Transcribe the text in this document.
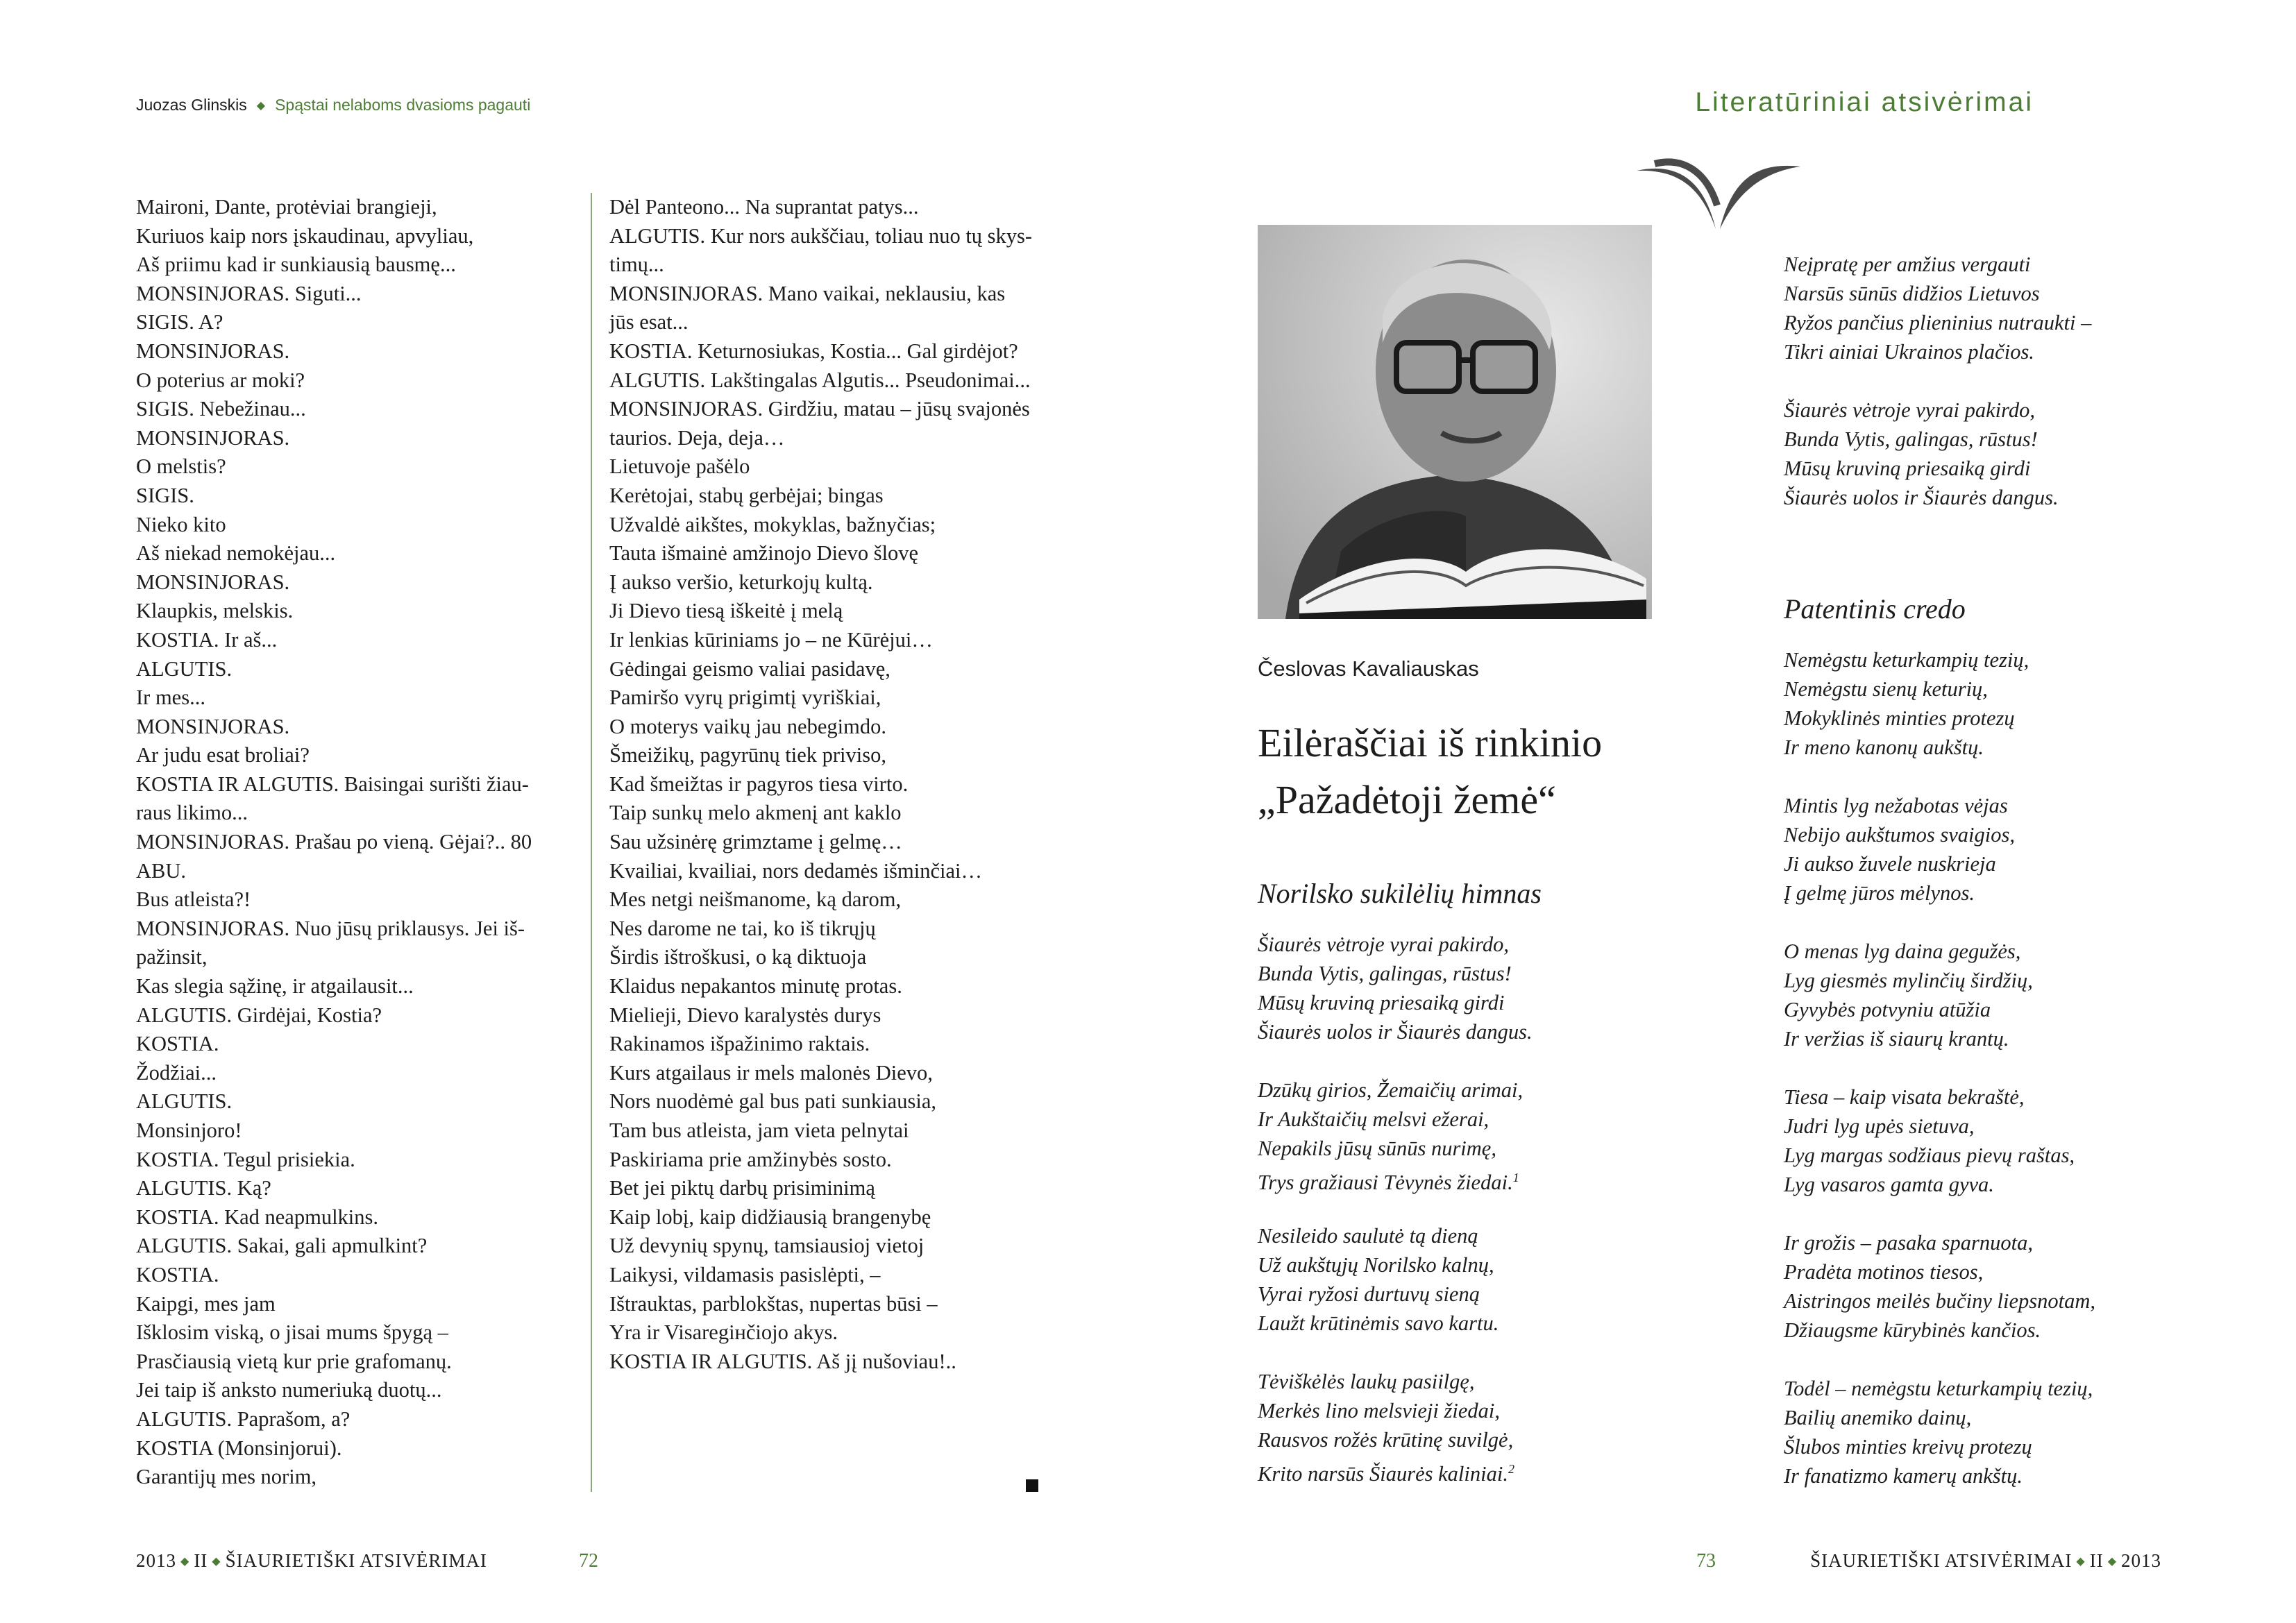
Juozas Glinskis ◆ Spąstai nelaboms dvasioms pagauti
Maironi, Dante, protėviai brangieji,
Kuriuos kaip nors įskaudinau, apvyliau,
Aš priimu kad ir sunkiausią bausmę...
MONSINJORAS. Siguti...
SIGIS. A?
MONSINJORAS.
O poterius ar moki?
SIGIS. Nebežinau...
MONSINJORAS.
O melstis?
SIGIS.
Nieko kito
Aš niekad nemokėjau...
MONSINJORAS.
Klaupkis, melskis.
KOSTIA. Ir aš...
ALGUTIS.
Ir mes...
MONSINJORAS.
Ar judu esat broliai?
KOSTIA IR ALGUTIS. Baisingai surišti žiau-
raus likimo...
MONSINJORAS. Prašau po vieną. Gėjai?.. 80
ABU.
Bus atleista?!
MONSINJORAS. Nuo jūsų priklausys. Jei iš-
pažinsit,
Kas slegia sąžinę, ir atgailausit...
ALGUTIS. Girdėjai, Kostia?
KOSTIA.
Žodžiai...
ALGUTIS.
Monsinjoro!
KOSTIA. Tegul prisiekia.
ALGUTIS. Ką?
KOSTIA. Kad neapmulkins.
ALGUTIS. Sakai, gali apmulkint?
KOSTIA.
Kaipgi, mes jam
Išklosim viską, o jisai mums špygą –
Prasčiausią vietą kur prie grafomanų.
Jei taip iš anksto numeriuką duotų...
ALGUTIS. Paprašom, a?
KOSTIA (Monsinjorui).
Garantijų mes norim,
Dėl Panteono... Na suprantat patys...
ALGUTIS. Kur nors aukščiau, toliau nuo tų skys-
timų...
MONSINJORAS. Mano vaikai, neklausiu, kas
jūs esat...
KOSTIA. Keturnosiukas, Kostia... Gal girdėjot?
ALGUTIS. Lakštingalas Algutis... Pseudonimai...
MONSINJORAS. Girdžiu, matau – jūsų svajonės
taurios. Deja, deja…
Lietuvoje pašėlo
Kerėtojai, stabų gerbėjai; bingas
Užvaldė aikštes, mokyklas, bažnyčias;
Tauta išmainė amžinojo Dievo šlovę
Į aukso veršio, keturkojų kultą.
Ji Dievo tiesą iškeitė į melą
Ir lenkias kūriniams jo – ne Kūrėjui…
Gėdingai geismo valiai pasidavę,
Pamiršo vyrų prigimtį vyriškiai,
O moterys vaikų jau nebegimdo.
Šmeižikų, pagyrūnų tiek priviso,
Kad šmeižtas ir pagyros tiesa virto.
Taip sunkų melo akmenį ant kaklo
Sau užsinėrę grimztame į gelmę…
Kvailiai, kvailiai, nors dedamės išminčiai…
Mes netgi neišmanome, ką darom,
Nes darome ne tai, ko iš tikrųjų
Širdis ištroškusi, o ką diktuoja
Klaidus nepakantos minutę protas.
Mielieji, Dievo karalystės durys
Rakinamos išpažinimo raktais.
Kurs atgailaus ir mels malonės Dievo,
Nors nuodėmė gal bus pati sunkiausia,
Tam bus atleista, jam vieta pelnytai
Paskiriama prie amžinybės sosto.
Bet jei piktų darbų prisiminimą
Kaip lobį, kaip didžiausią brangenybę
Už devynių spynų, tamsiausioj vietoj
Laikysi, vildamasis pasislėpti, –
Ištrauktas, parblokštas, nupertas būsi –
Yra ir Visaregінčiojo akys.
KOSTIA IR ALGUTIS. Aš jį nušoviau!..
2013 ◆ II ◆ ŠIAURIETIŠKI ATSIVĖRIMAI	72
Literatūriniai atsivėrimai
Česlovas Kavaliauskas
Eilėraščiai iš rinkinio
„Pažadėtoji žemė“
Norilsko sukilėlių himnas
Šiaurės vėtroje vyrai pakirdo,
Bunda Vytis, galingas, rūstus!
Mūsų kruviną priesaiką girdi
Šiaurės uolos ir Šiaurės dangus.
Dzūkų girios, Žemaičių arimai,
Ir Aukštaičių melsvi ežerai,
Nepakils jūsų sūnūs nurimę,
Trys gražiausi Tėvynės žiedai.$^1$
Nesileido saulutė tą dieną
Už aukštųjų Norilsko kalnų,
Vyrai ryžosi durtuvų sieną
Laužt krūtinėmis savo kartu.
Tėviškėlės laukų pasiilgę,
Merkės lino melsvieji žiedai,
Rausvos rožės krūtinę suvilgė,
Krito narsūs Šiaurės kaliniai.$^2$
Neįpratę per amžius vergauti
Narsūs sūnūs didžios Lietuvos
Ryžos pančius plieninius nutraukti –
Tikri ainiai Ukrainos plačios.
Šiaurės vėtroje vyrai pakirdo,
Bunda Vytis, galingas, rūstus!
Mūsų kruviną priesaiką girdi
Šiaurės uolos ir Šiaurės dangus.
Patentinis credo
Nemėgstu keturkampių tezių,
Nemėgstu sienų keturių,
Mokyklinės minties protezų
Ir meno kanonų aukštų.
Mintis lyg nežabotas vėjas
Nebijo aukštumos svaigios,
Ji aukso žuvele nuskrieja
Į gelmę jūros mėlynos.
O menas lyg daina gegužės,
Lyg giesmės mylinčių širdžių,
Gyvybės potvyniu atūžia
Ir veržias iš siaurų krantų.
Tiesa – kaip visata bekraštė,
Judri lyg upės sietuva,
Lyg margas sodžiaus pievų raštas,
Lyg vasaros gamta gyva.
Ir grožis – pasaka sparnuota,
Pradėta motinos tiesos,
Aistringos meilės bučiny liepsnotam,
Džiaugsme kūrybinės kančios.
Todėl – nemėgstu keturkampių tezių,
Bailių anemiko dainų,
Šlubos minties kreivų protezų
Ir fanatizmo kamerų ankštų.
73	ŠIAURIETIŠKI ATSIVĖRIMAI ◆ II ◆ 2013
